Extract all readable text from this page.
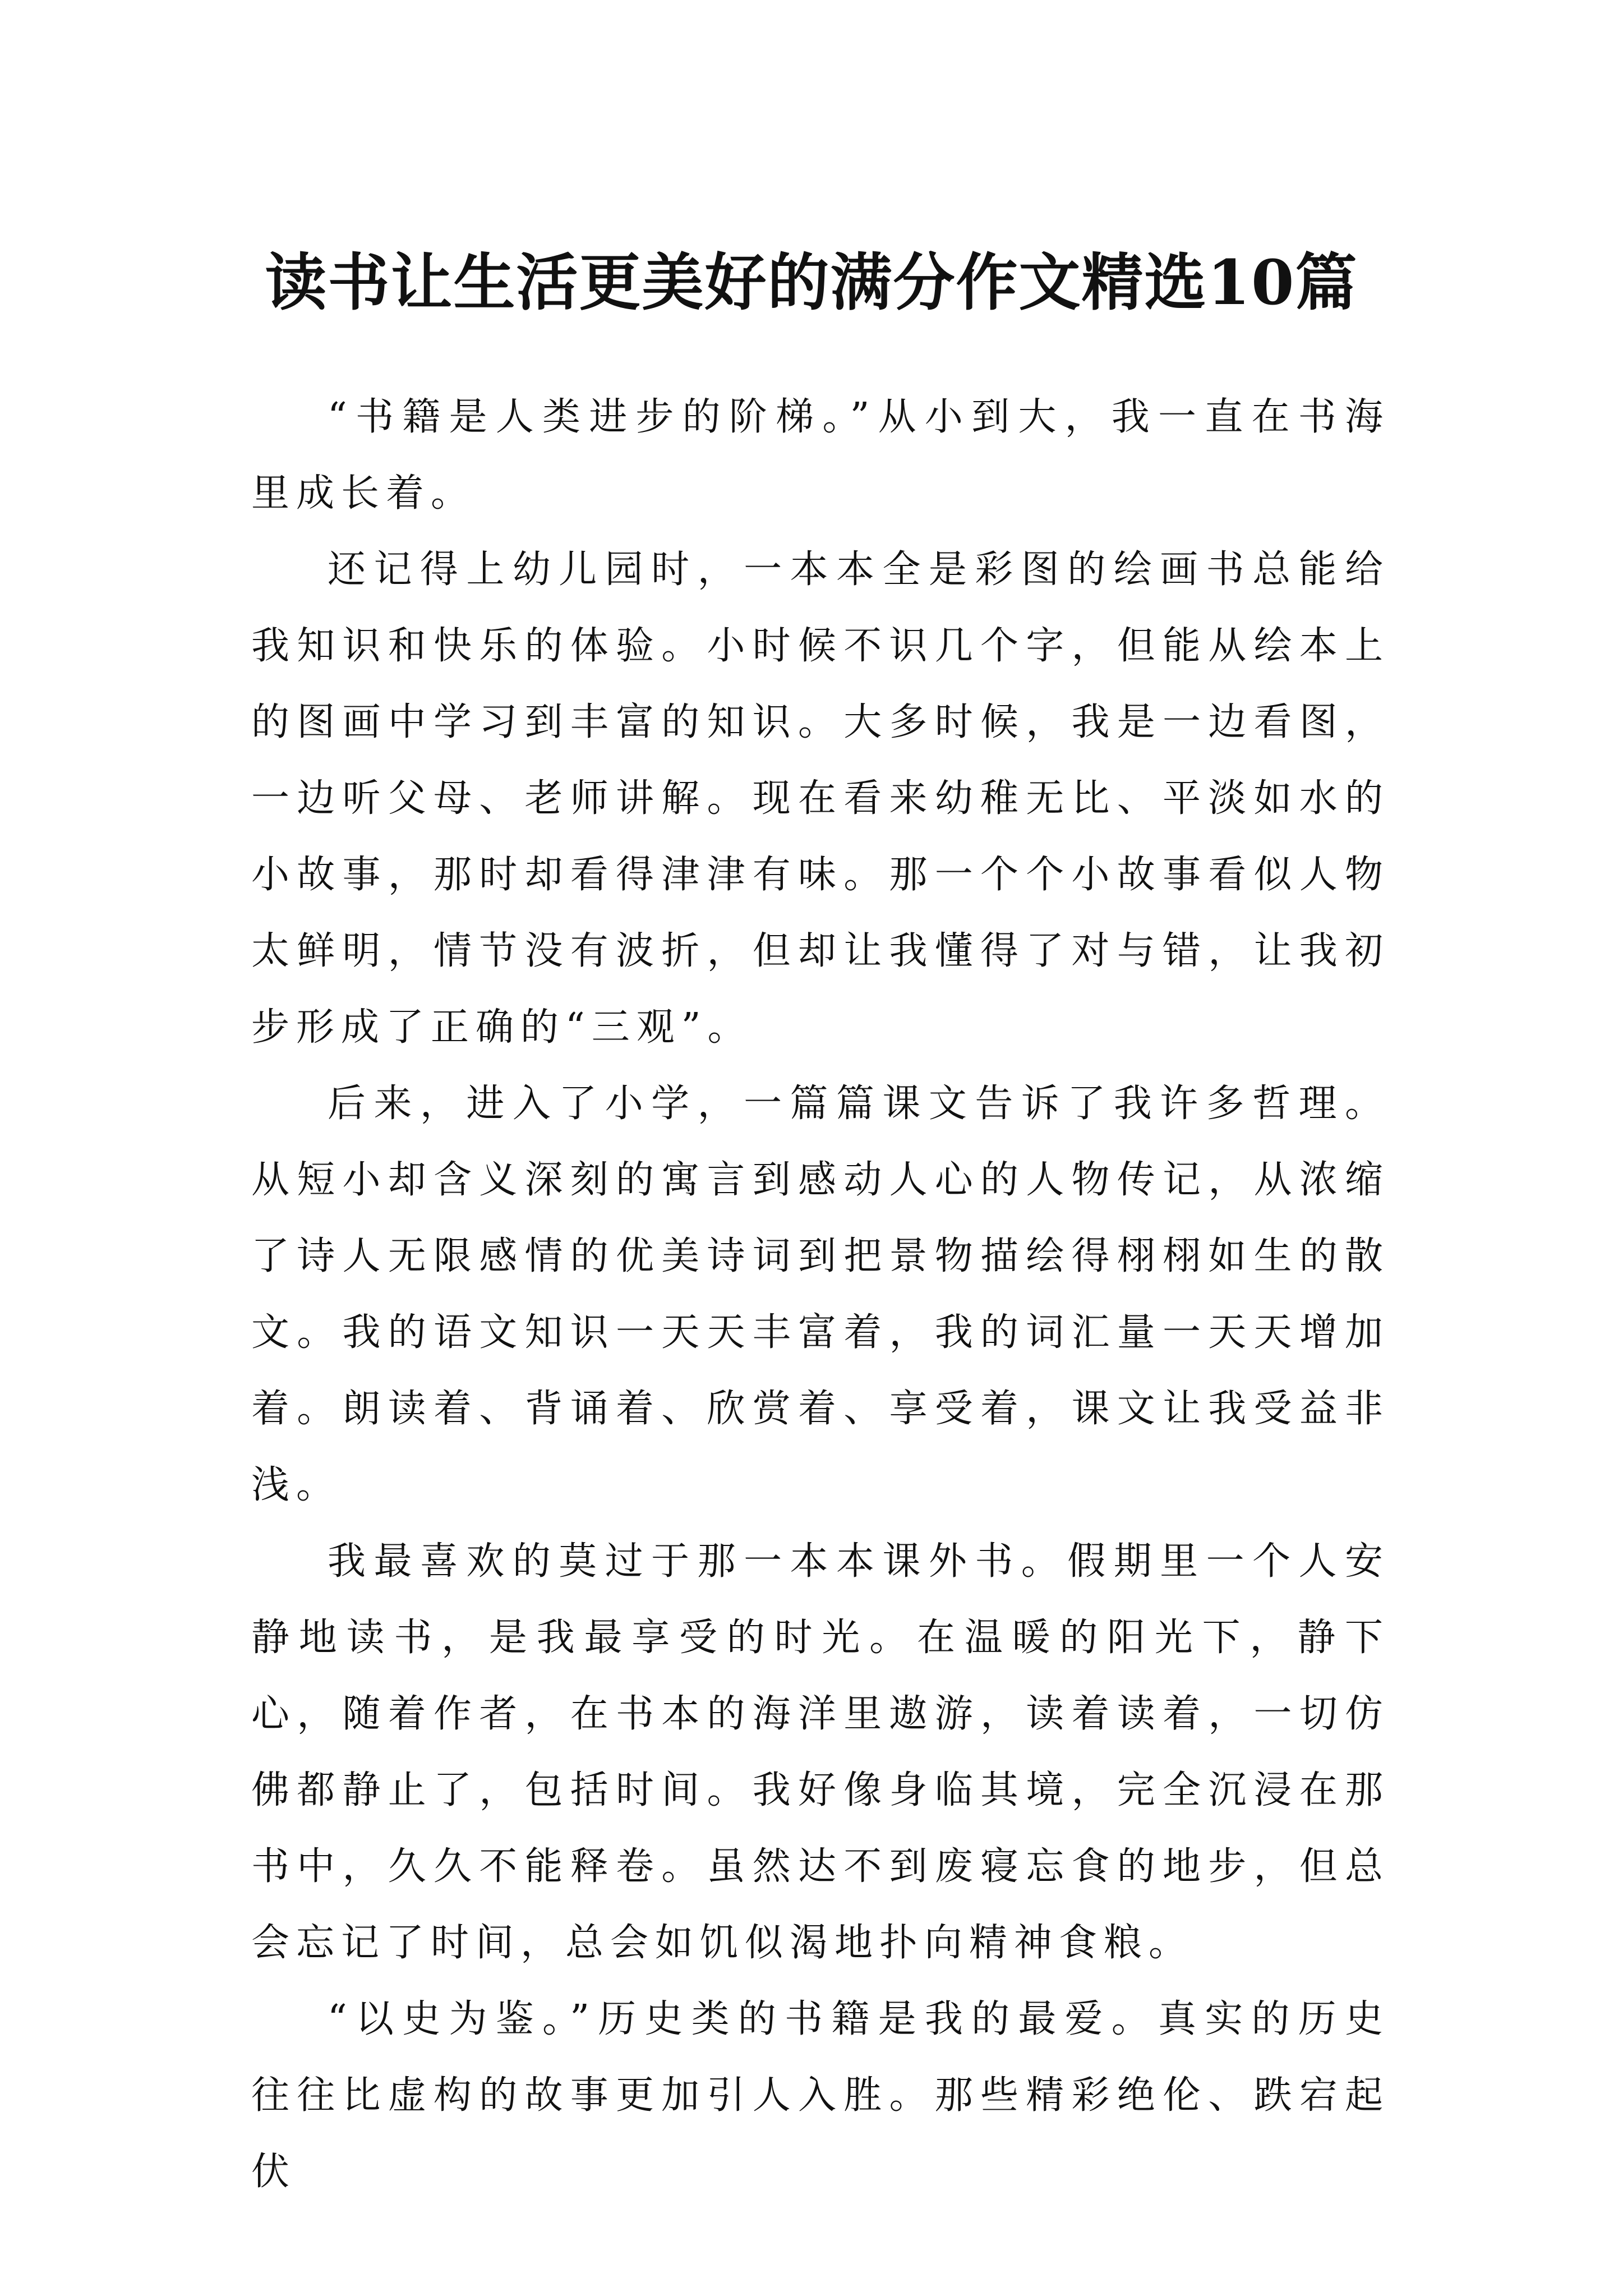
读书让生活更美好的满分作文精选10篇

“书籍是人类进步的阶梯。”从小到大，我一直在书海里成长着。

还记得上幼儿园时，一本本全是彩图的绘画书总能给我知识和快乐的体验。小时候不识几个字，但能从绘本上的图画中学习到丰富的知识。大多时候，我是一边看图，一边听父母、老师讲解。现在看来幼稚无比、平淡如水的小故事，那时却看得津津有味。那一个个小故事看似人物太鲜明，情节没有波折，但却让我懂得了对与错，让我初步形成了正确的“三观”。

后来，进入了小学，一篇篇课文告诉了我许多哲理。从短小却含义深刻的寓言到感动人心的人物传记，从浓缩了诗人无限感情的优美诗词到把景物描绘得栩栩如生的散文。我的语文知识一天天丰富着，我的词汇量一天天增加着。朗读着、背诵着、欣赏着、享受着，课文让我受益非浅。

我最喜欢的莫过于那一本本课外书。假期里一个人安静地读书，是我最享受的时光。在温暖的阳光下，静下心，随着作者，在书本的海洋里遨游，读着读着，一切仿佛都静止了，包括时间。我好像身临其境，完全沉浸在那书中，久久不能释卷。虽然达不到废寝忘食的地步，但总会忘记了时间，总会如饥似渴地扑向精神食粮。

“以史为鉴。”历史类的书籍是我的最爱。真实的历史往往比虚构的故事更加引人入胜。那些精彩绝伦、跌宕起伏
